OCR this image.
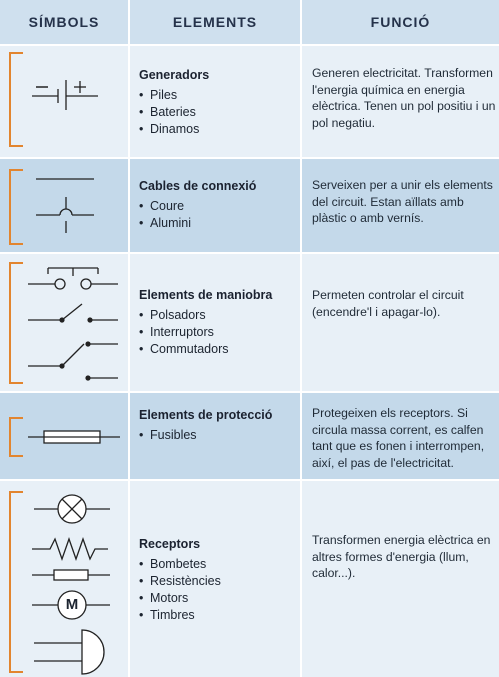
SÍMBOLS	ELEMENTS	FUNCIÓ
Generadors
• Piles
• Bateries
• Dinamos
Generen electricitat. Transformen l'energia química en energia elèctrica. Tenen un pol positiu i un pol negatiu.
Cables de connexió
• Coure
• Alumini
Serveixen per a unir els elements del circuit. Estan aïllats amb plàstic o amb vernís.
Elements de maniobra
• Polsadors
• Interruptors
• Commutadors
Permeten controlar el circuit (encendre'l i apagar-lo).
Elements de protecció
• Fusibles
Protegeixen els receptors. Si circula massa corrent, es calfen tant que es fonen i interrompen, així, el pas de l'electricitat.
M
Receptors
• Bombetes
• Resistències
• Motors
• Timbres
Transformen energia elèctrica en altres formes d'energia (llum, calor...).
